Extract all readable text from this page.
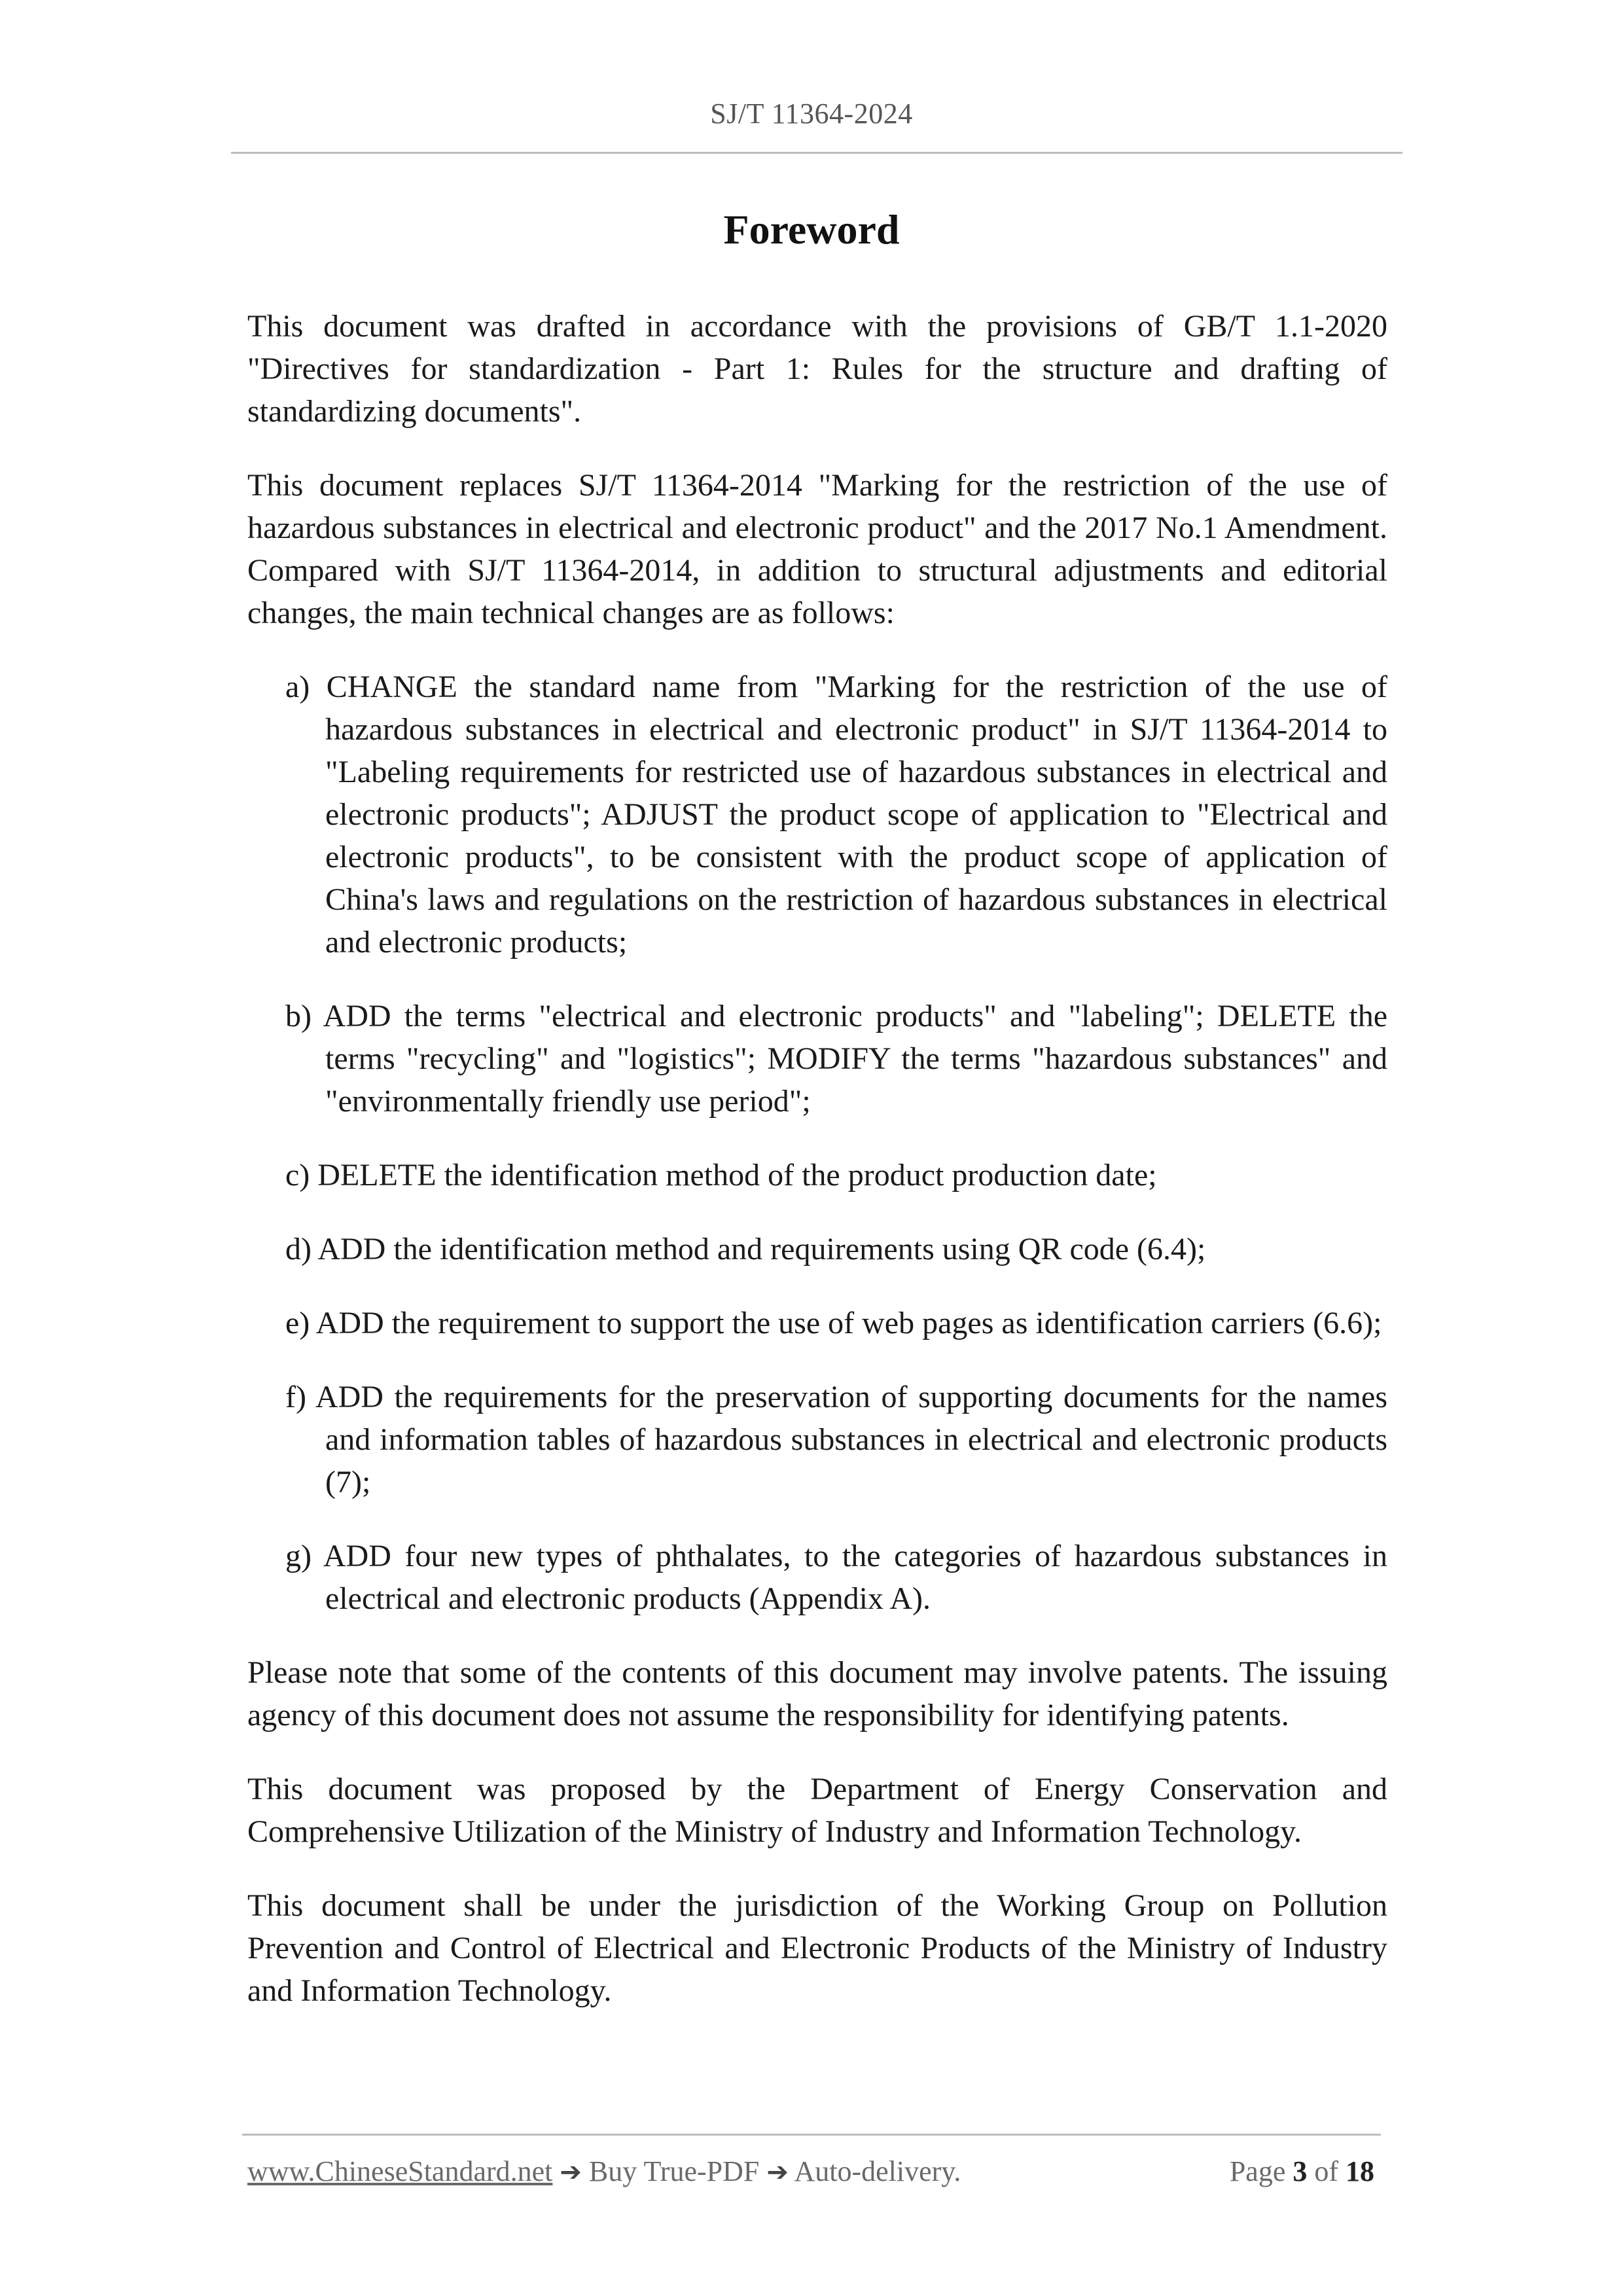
SJ/T 11364-2024
Foreword

This document was drafted in accordance with the provisions of GB/T 1.1-2020 "Directives for standardization - Part 1: Rules for the structure and drafting of standardizing documents".

This document replaces SJ/T 11364-2014 "Marking for the restriction of the use of hazardous substances in electrical and electronic product" and the 2017 No.1 Amendment. Compared with SJ/T 11364-2014, in addition to structural adjustments and editorial changes, the main technical changes are as follows:

a) CHANGE the standard name from "Marking for the restriction of the use of hazardous substances in electrical and electronic product" in SJ/T 11364-2014 to "Labeling requirements for restricted use of hazardous substances in electrical and electronic products"; ADJUST the product scope of application to "Electrical and electronic products", to be consistent with the product scope of application of China's laws and regulations on the restriction of hazardous substances in electrical and electronic products;
b) ADD the terms "electrical and electronic products" and "labeling"; DELETE the terms "recycling" and "logistics"; MODIFY the terms "hazardous substances" and "environmentally friendly use period";
c) DELETE the identification method of the product production date;
d) ADD the identification method and requirements using QR code (6.4);
e) ADD the requirement to support the use of web pages as identification carriers (6.6);
f) ADD the requirements for the preservation of supporting documents for the names and information tables of hazardous substances in electrical and electronic products (7);
g) ADD four new types of phthalates, to the categories of hazardous substances in electrical and electronic products (Appendix A).

Please note that some of the contents of this document may involve patents. The issuing agency of this document does not assume the responsibility for identifying patents.

This document was proposed by the Department of Energy Conservation and Comprehensive Utilization of the Ministry of Industry and Information Technology.

This document shall be under the jurisdiction of the Working Group on Pollution Prevention and Control of Electrical and Electronic Products of the Ministry of Industry and Information Technology.

www.ChineseStandard.net ➔ Buy True-PDF ➔ Auto-delivery.	Page 3 of 18
